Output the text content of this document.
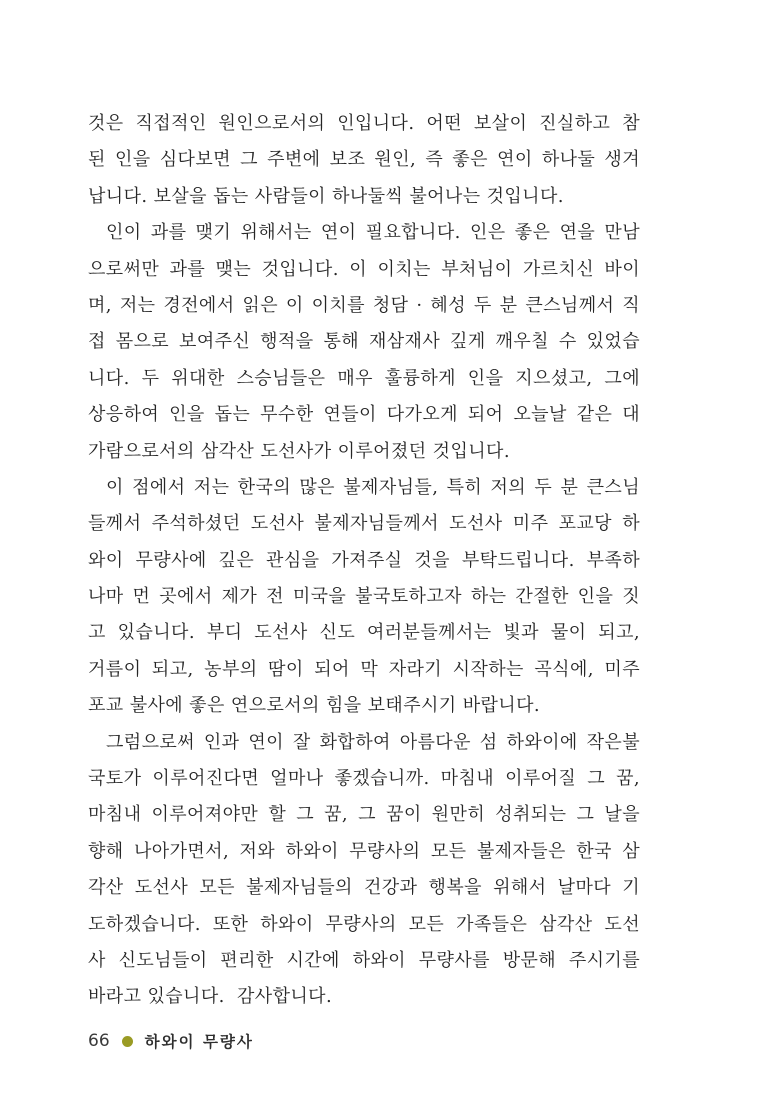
것은 직접적인 원인으로서의 인입니다. 어떤 보살이 진실하고 참
된 인을 심다보면 그 주변에 보조 원인, 즉 좋은 연이 하나둘 생겨
납니다. 보살을 돕는 사람들이 하나둘씩 불어나는 것입니다.
인이 과를 맺기 위해서는 연이 필요합니다. 인은 좋은 연을 만남
으로써만 과를 맺는 것입니다. 이 이치는 부처님이 가르치신 바이
며, 저는 경전에서 읽은 이 이치를 청담 · 혜성 두 분 큰스님께서 직
접 몸으로 보여주신 행적을 통해 재삼재사 깊게 깨우칠 수 있었습
니다. 두 위대한 스승님들은 매우 훌륭하게 인을 지으셨고, 그에
상응하여 인을 돕는 무수한 연들이 다가오게 되어 오늘날 같은 대
가람으로서의 삼각산 도선사가 이루어졌던 것입니다.
이 점에서 저는 한국의 많은 불제자님들, 특히 저의 두 분 큰스님
들께서 주석하셨던 도선사 불제자님들께서 도선사 미주 포교당 하
와이 무량사에 깊은 관심을 가져주실 것을 부탁드립니다. 부족하
나마 먼 곳에서 제가 전 미국을 불국토하고자 하는 간절한 인을 짓
고 있습니다. 부디 도선사 신도 여러분들께서는 빛과 물이 되고,
거름이 되고, 농부의 땀이 되어 막 자라기 시작하는 곡식에, 미주
포교 불사에 좋은 연으로서의 힘을 보태주시기 바랍니다.
그럼으로써 인과 연이 잘 화합하여 아름다운 섬 하와이에 작은불
국토가 이루어진다면 얼마나 좋겠습니까. 마침내 이루어질 그 꿈,
마침내 이루어져야만 할 그 꿈, 그 꿈이 원만히 성취되는 그 날을
향해 나아가면서, 저와 하와이 무량사의 모든 불제자들은 한국 삼
각산 도선사 모든 불제자님들의 건강과 행복을 위해서 날마다 기
도하겠습니다. 또한 하와이 무량사의 모든 가족들은 삼각산 도선
사 신도님들이 편리한 시간에 하와이 무량사를 방문해 주시기를
바라고 있습니다.  감사합니다.
66 하와이 무량사
